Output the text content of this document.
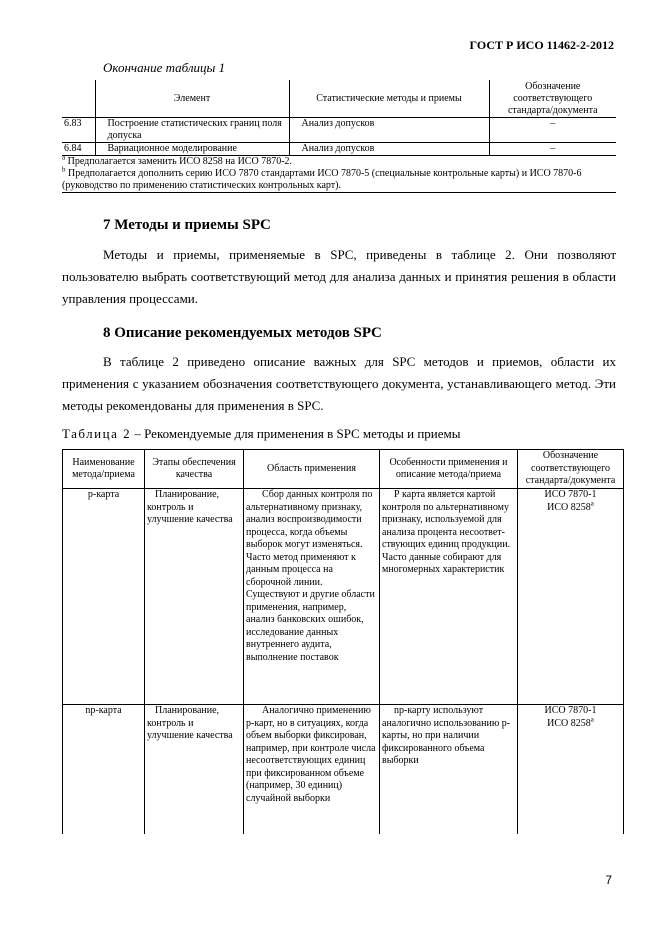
ГОСТ Р ИСО 11462-2-2012
Окончание таблицы 1
	Элемент	Статистические методы и приемы	Обозначение соответствующего стандарта/документа
6.83	Построение статистических границ поля допуска	Анализ допусков	–
6.84	Вариационное моделирование	Анализ допусков	–

$^а$ Предполагается заменить ИСО 8258 на ИСО 7870-2.
$^b$ Предполагается дополнить серию ИСО 7870 стандартами ИСО 7870-5 (специальные контрольные карты) и ИСО 7870-6 (руководство по применению статистических контрольных карт).			
7 Методы и приемы SPC
Методы и приемы, применяемые в SPC, приведены в таблице 2. Они позволяют пользователю выбрать соответствующий метод для анализа данных и принятия решения в области управления процессами.
8 Описание рекомендуемых методов SPC
В таблице 2 приведено описание важных для SPC методов и приемов, области их применения с указанием обозначения соответствующего документа, устанавливающего метод. Эти методы рекомендованы для применения в SPC.
Таблица 2 – Рекомендуемые для применения в SPC методы и приемы
Наименование метода/приема	Этапы обеспечения качества	Область применения	Особенности применения и описание метода/приема	Обозначение соответствующего стандарта/документа
p-карта	Планирование, контроль и улучшение качества	Сбор данных контроля по альтернативному признаку, анализ воспроизводимости процесса, когда объемы выборок могут изменяться. Часто метод применяют к данным процесса на сборочной линии. Существуют и другие области применения, например, анализ банковских ошибок, исследование данных внутреннего аудита, выполнение поставок	Р карта является картой контроля по альтернативному признаку, используемой для анализа процента несоответ-ствующих единиц продукции. Часто данные собирают для многомерных характеристик	ИСО 7870-1
ИСО $8258^а$

np-карта	Планирование, контроль и улучшение качества	Аналогично применению р-карт, но в ситуациях, когда объем выборки фиксирован, например, при контроле числа несоответствующих единиц при фиксированном объеме (например, 30 единиц) случайной выборки	np-карту используют аналогично использованию р-карты, но при наличии фиксированного объема выборки	ИСО 7870-1
ИСО $8258^а$
7
